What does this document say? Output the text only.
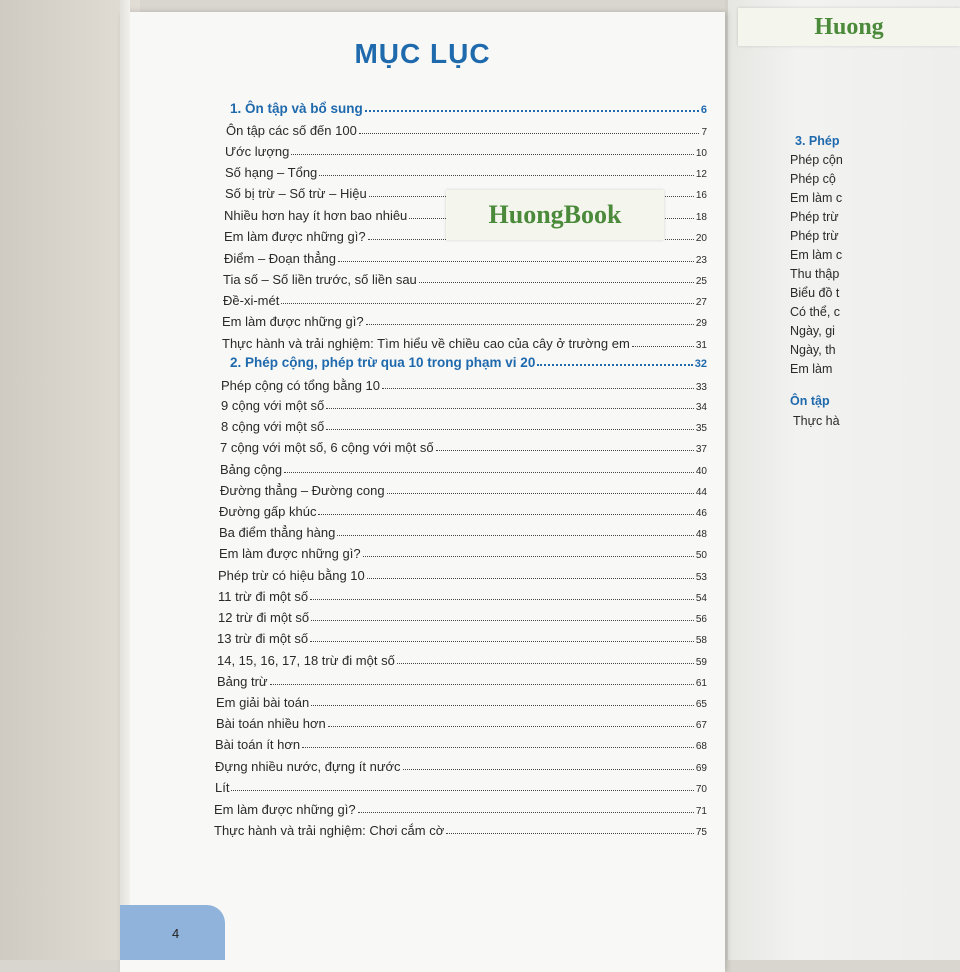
MỤC LỤC
1. Ôn tập và bổ sung	6
Ôn tập các số đến 100	7
Ước lượng	10
Số hạng – Tổng	12
Số bị trừ – Số trừ – Hiệu	16
Nhiều hơn hay ít hơn bao nhiêu	18
Em làm được những gì?	20
Điểm – Đoạn thẳng	23
Tia số – Số liền trước, số liền sau	25
Đề-xi-mét	27
Em làm được những gì?	29
Thực hành và trải nghiệm: Tìm hiểu về chiều cao của cây ở trường em	31
2. Phép cộng, phép trừ qua 10 trong phạm vi 20	32
Phép cộng có tổng bằng 10	33
9 cộng với một số	34
8 cộng với một số	35
7 cộng với một số, 6 cộng với một số	37
Bảng cộng	40
Đường thẳng – Đường cong	44
Đường gấp khúc	46
Ba điểm thẳng hàng	48
Em làm được những gì?	50
Phép trừ có hiệu bằng 10	53
11 trừ đi một số	54
12 trừ đi một số	56
13 trừ đi một số	58
14, 15, 16, 17, 18 trừ đi một số	59
Bảng trừ	61
Em giải bài toán	65
Bài toán nhiều hơn	67
Bài toán ít hơn	68
Đựng nhiều nước, đựng ít nước	69
Lít	70
Em làm được những gì?	71
Thực hành và trải nghiệm: Chơi cắm cờ	75
3. Phép
Phép cộn
Phép cộ
Em làm c
Phép trừ
Phép trừ
Em làm c
Thu thập
Biểu đồ t
Có thể, c
Ngày, gi
Ngày, th
Em làm
Ôn tập
Thực hà
HuongBook
Huong
4
